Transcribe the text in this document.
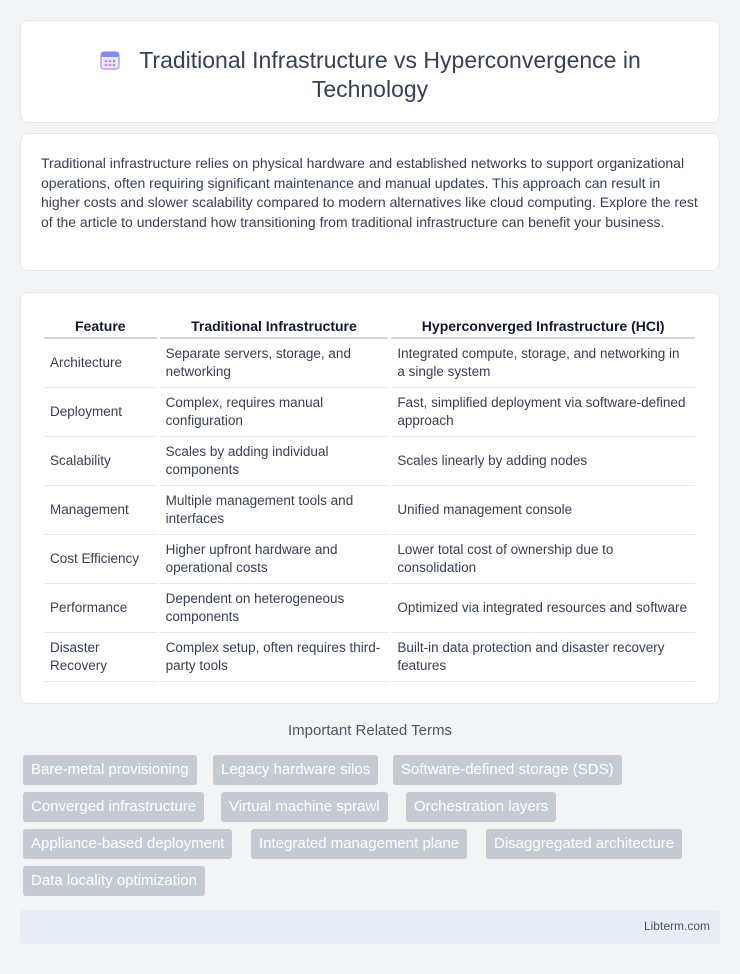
Traditional Infrastructure vs Hyperconvergence in Technology

Traditional infrastructure relies on physical hardware and established networks to support organizational operations, often requiring significant maintenance and manual updates. This approach can result in higher costs and slower scalability compared to modern alternatives like cloud computing. Explore the rest of the article to understand how transitioning from traditional infrastructure can benefit your business.

Feature	Traditional Infrastructure	Hyperconverged Infrastructure (HCI)
Architecture	Separate servers, storage, and networking	Integrated compute, storage, and networking in a single system
Deployment	Complex, requires manual configuration	Fast, simplified deployment via software-defined approach
Scalability	Scales by adding individual components	Scales linearly by adding nodes
Management	Multiple management tools and interfaces	Unified management console
Cost Efficiency	Higher upfront hardware and operational costs	Lower total cost of ownership due to consolidation
Performance	Dependent on heterogeneous components	Optimized via integrated resources and software
Disaster Recovery	Complex setup, often requires third-party tools	Built-in data protection and disaster recovery features
Important Related Terms
Bare-metal provisioning	Legacy hardware silos	Software-defined storage (SDS)
Converged infrastructure	Virtual machine sprawl	Orchestration layers
Appliance-based deployment	Integrated management plane	Disaggregated architecture
Data locality optimization
Libterm.com
